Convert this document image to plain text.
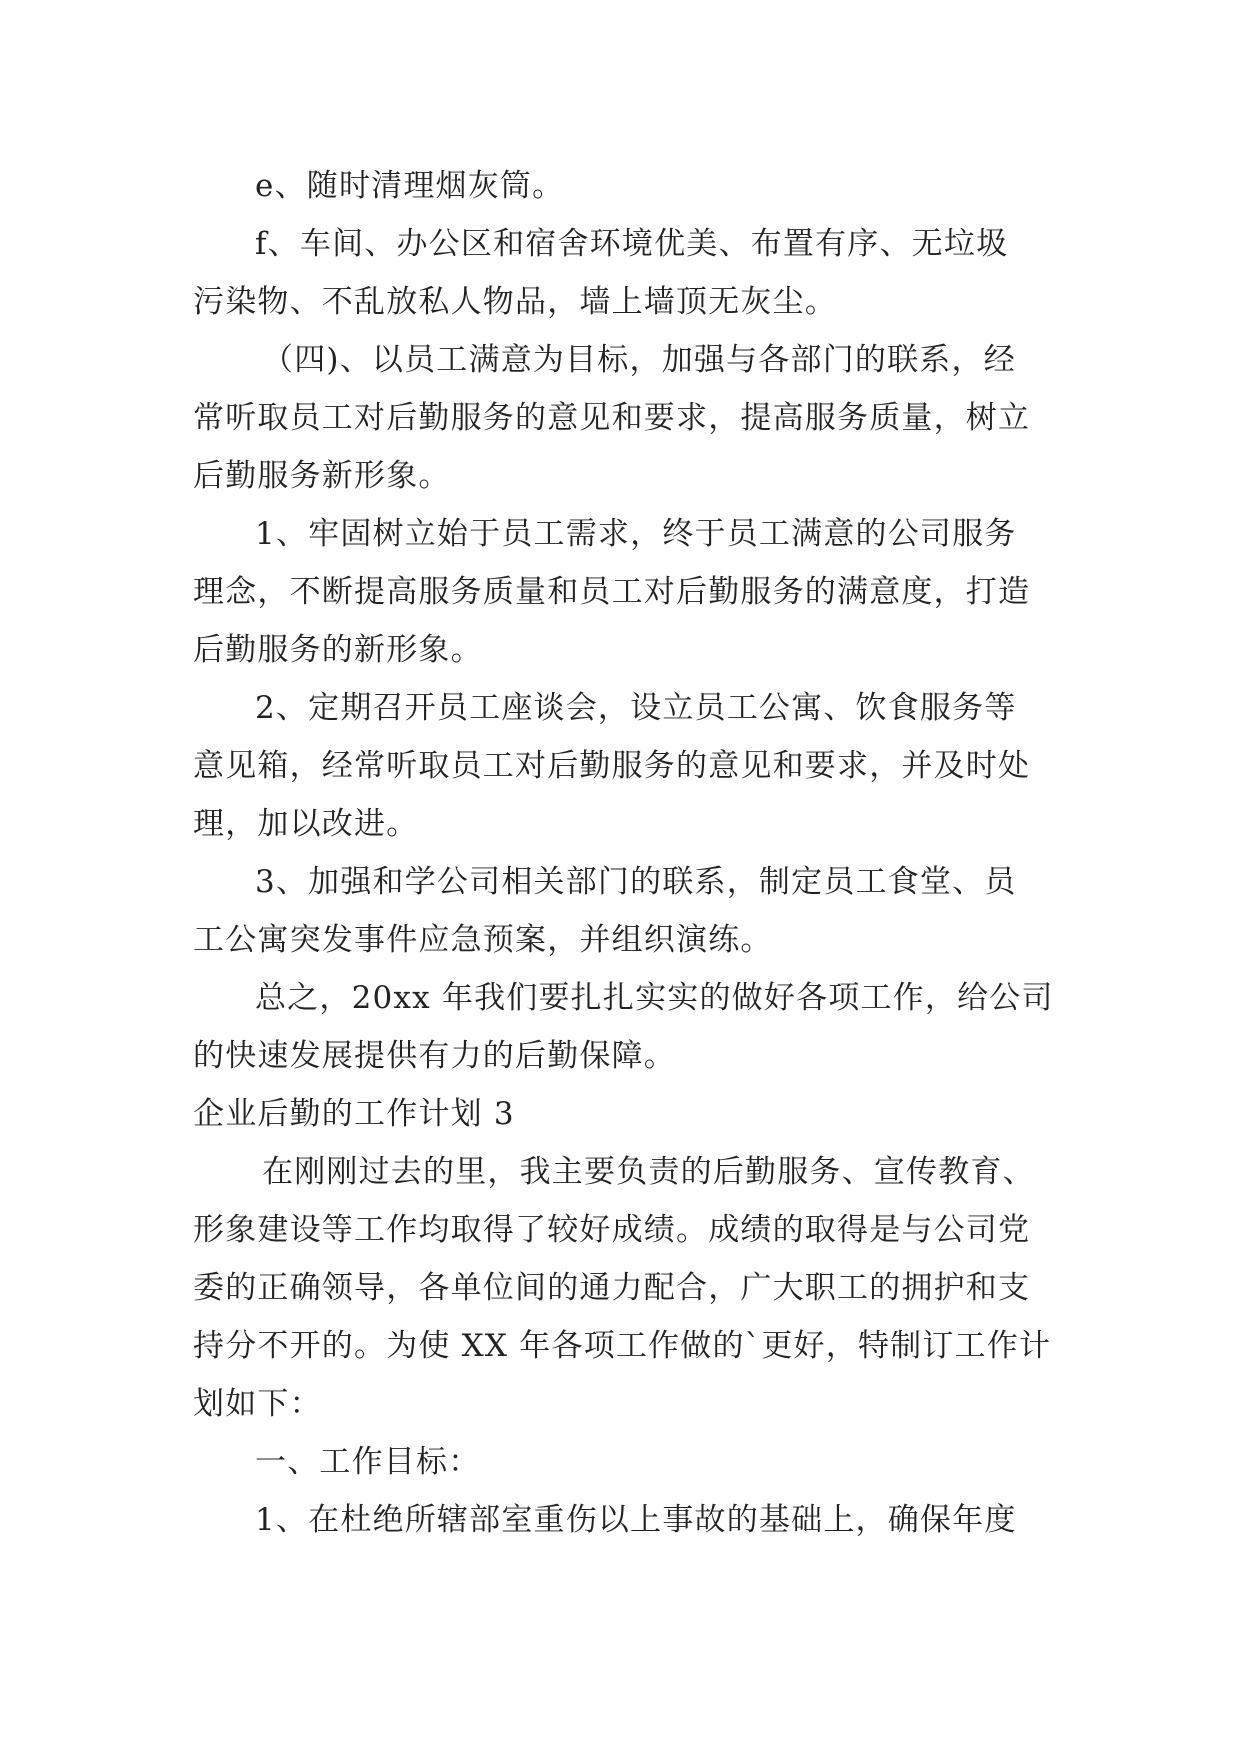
e、随时清理烟灰筒。
f、车间、办公区和宿舍环境优美、布置有序、无垃圾
污染物、不乱放私人物品，墙上墙顶无灰尘。
（四)、以员工满意为目标，加强与各部门的联系，经
常听取员工对后勤服务的意见和要求，提高服务质量，树立
后勤服务新形象。
1、牢固树立始于员工需求，终于员工满意的公司服务
理念，不断提高服务质量和员工对后勤服务的满意度，打造
后勤服务的新形象。
2、定期召开员工座谈会，设立员工公寓、饮食服务等
意见箱，经常听取员工对后勤服务的意见和要求，并及时处
理，加以改进。
3、加强和学公司相关部门的联系，制定员工食堂、员
工公寓突发事件应急预案，并组织演练。
总之，20xx 年我们要扎扎实实的做好各项工作，给公司
的快速发展提供有力的后勤保障。
企业后勤的工作计划 3
在刚刚过去的里，我主要负责的后勤服务、宣传教育、
形象建设等工作均取得了较好成绩。成绩的取得是与公司党
委的正确领导，各单位间的通力配合，广大职工的拥护和支
持分不开的。为使 XX 年各项工作做的`更好，特制订工作计
划如下：
一、工作目标：
1、在杜绝所辖部室重伤以上事故的基础上，确保年度
